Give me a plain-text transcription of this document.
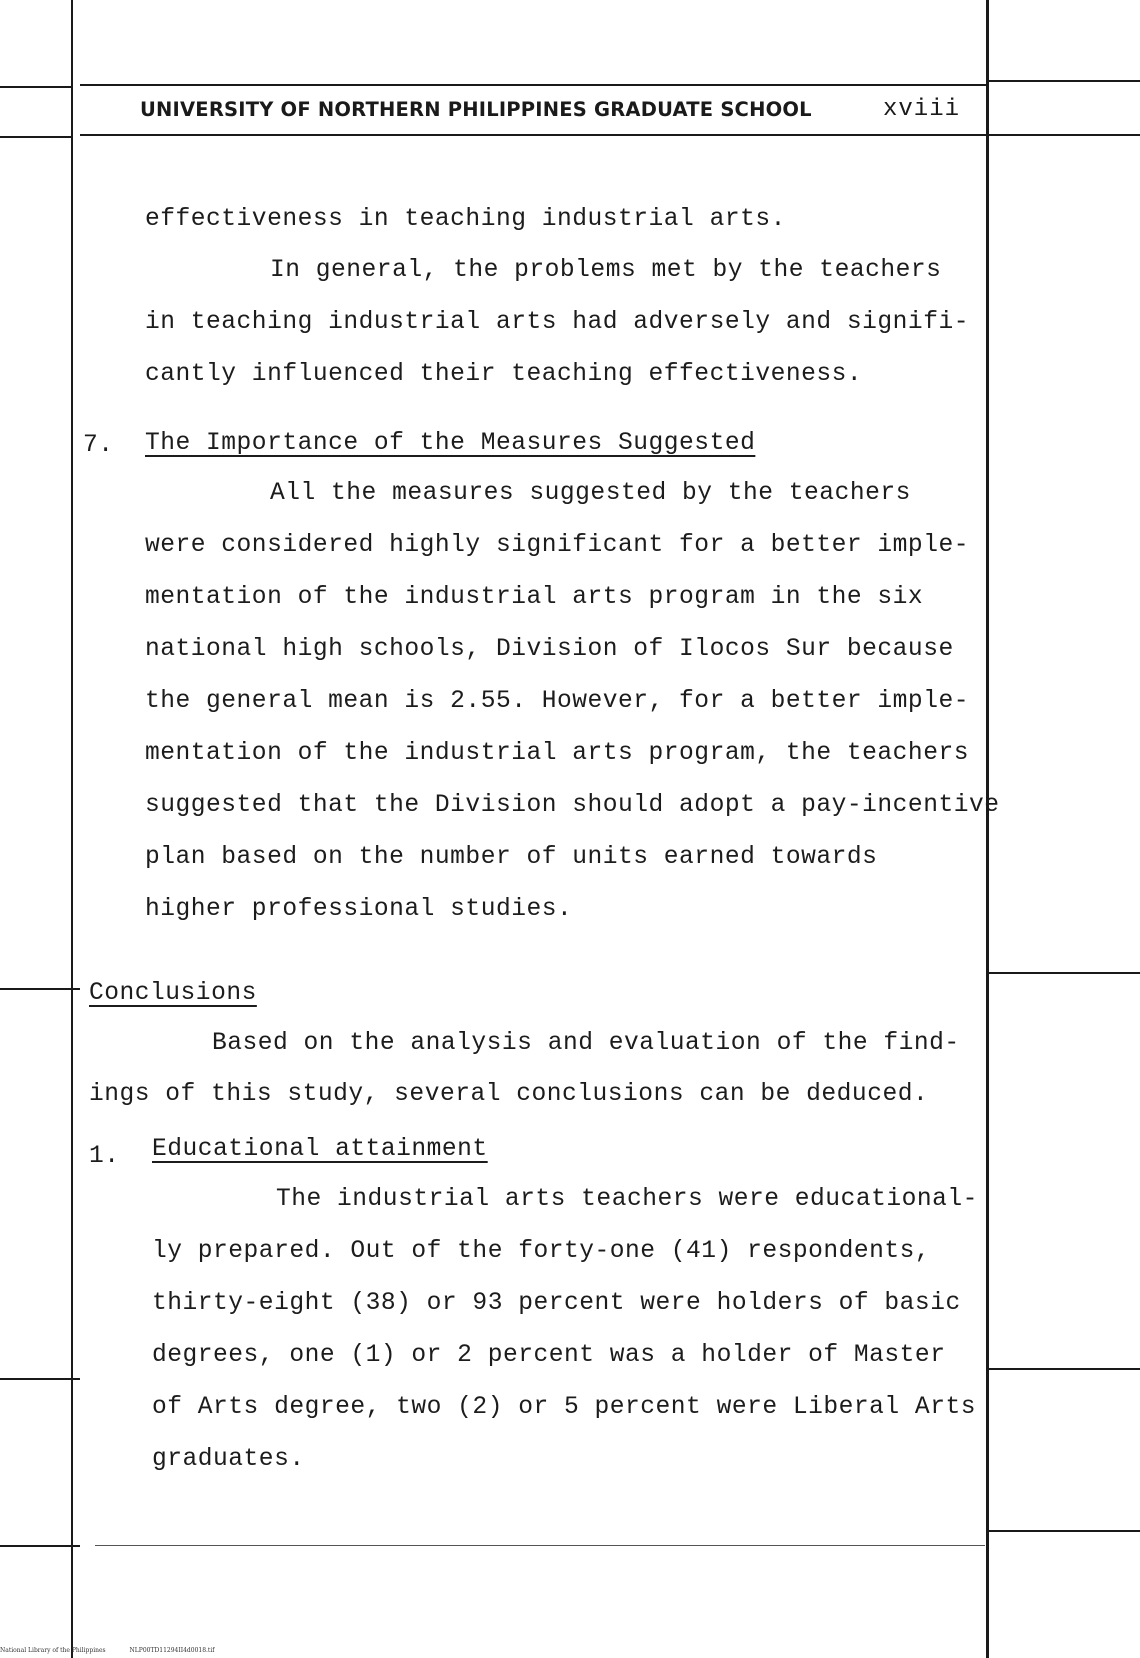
UNIVERSITY OF NORTHERN PHILIPPINES GRADUATE SCHOOL	xviii

effectiveness in teaching industrial arts.

In general, the problems met by the teachers

in teaching industrial arts had adversely and signifi-

cantly influenced their teaching effectiveness.

7. The Importance of the Measures Suggested

All the measures suggested by the teachers

were considered highly significant for a better imple-

mentation of the industrial arts program in the six

national high schools, Division of Ilocos Sur because

the general mean is 2.55. However, for a better imple-

mentation of the industrial arts program, the teachers

suggested that the Division should adopt a pay-incentive

plan based on the number of units earned towards

higher professional studies.

Conclusions

Based on the analysis and evaluation of the find-

ings of this study, several conclusions can be deduced.

1. Educational attainment

The industrial arts teachers were educational-

ly prepared. Out of the forty-one (41) respondents,

thirty-eight (38) or 93 percent were holders of basic

degrees, one (1) or 2 percent was a holder of Master

of Arts degree, two (2) or 5 percent were Liberal Arts

graduates.

National Library of the Philippines	NLP00TD11294II4d0018.tif
